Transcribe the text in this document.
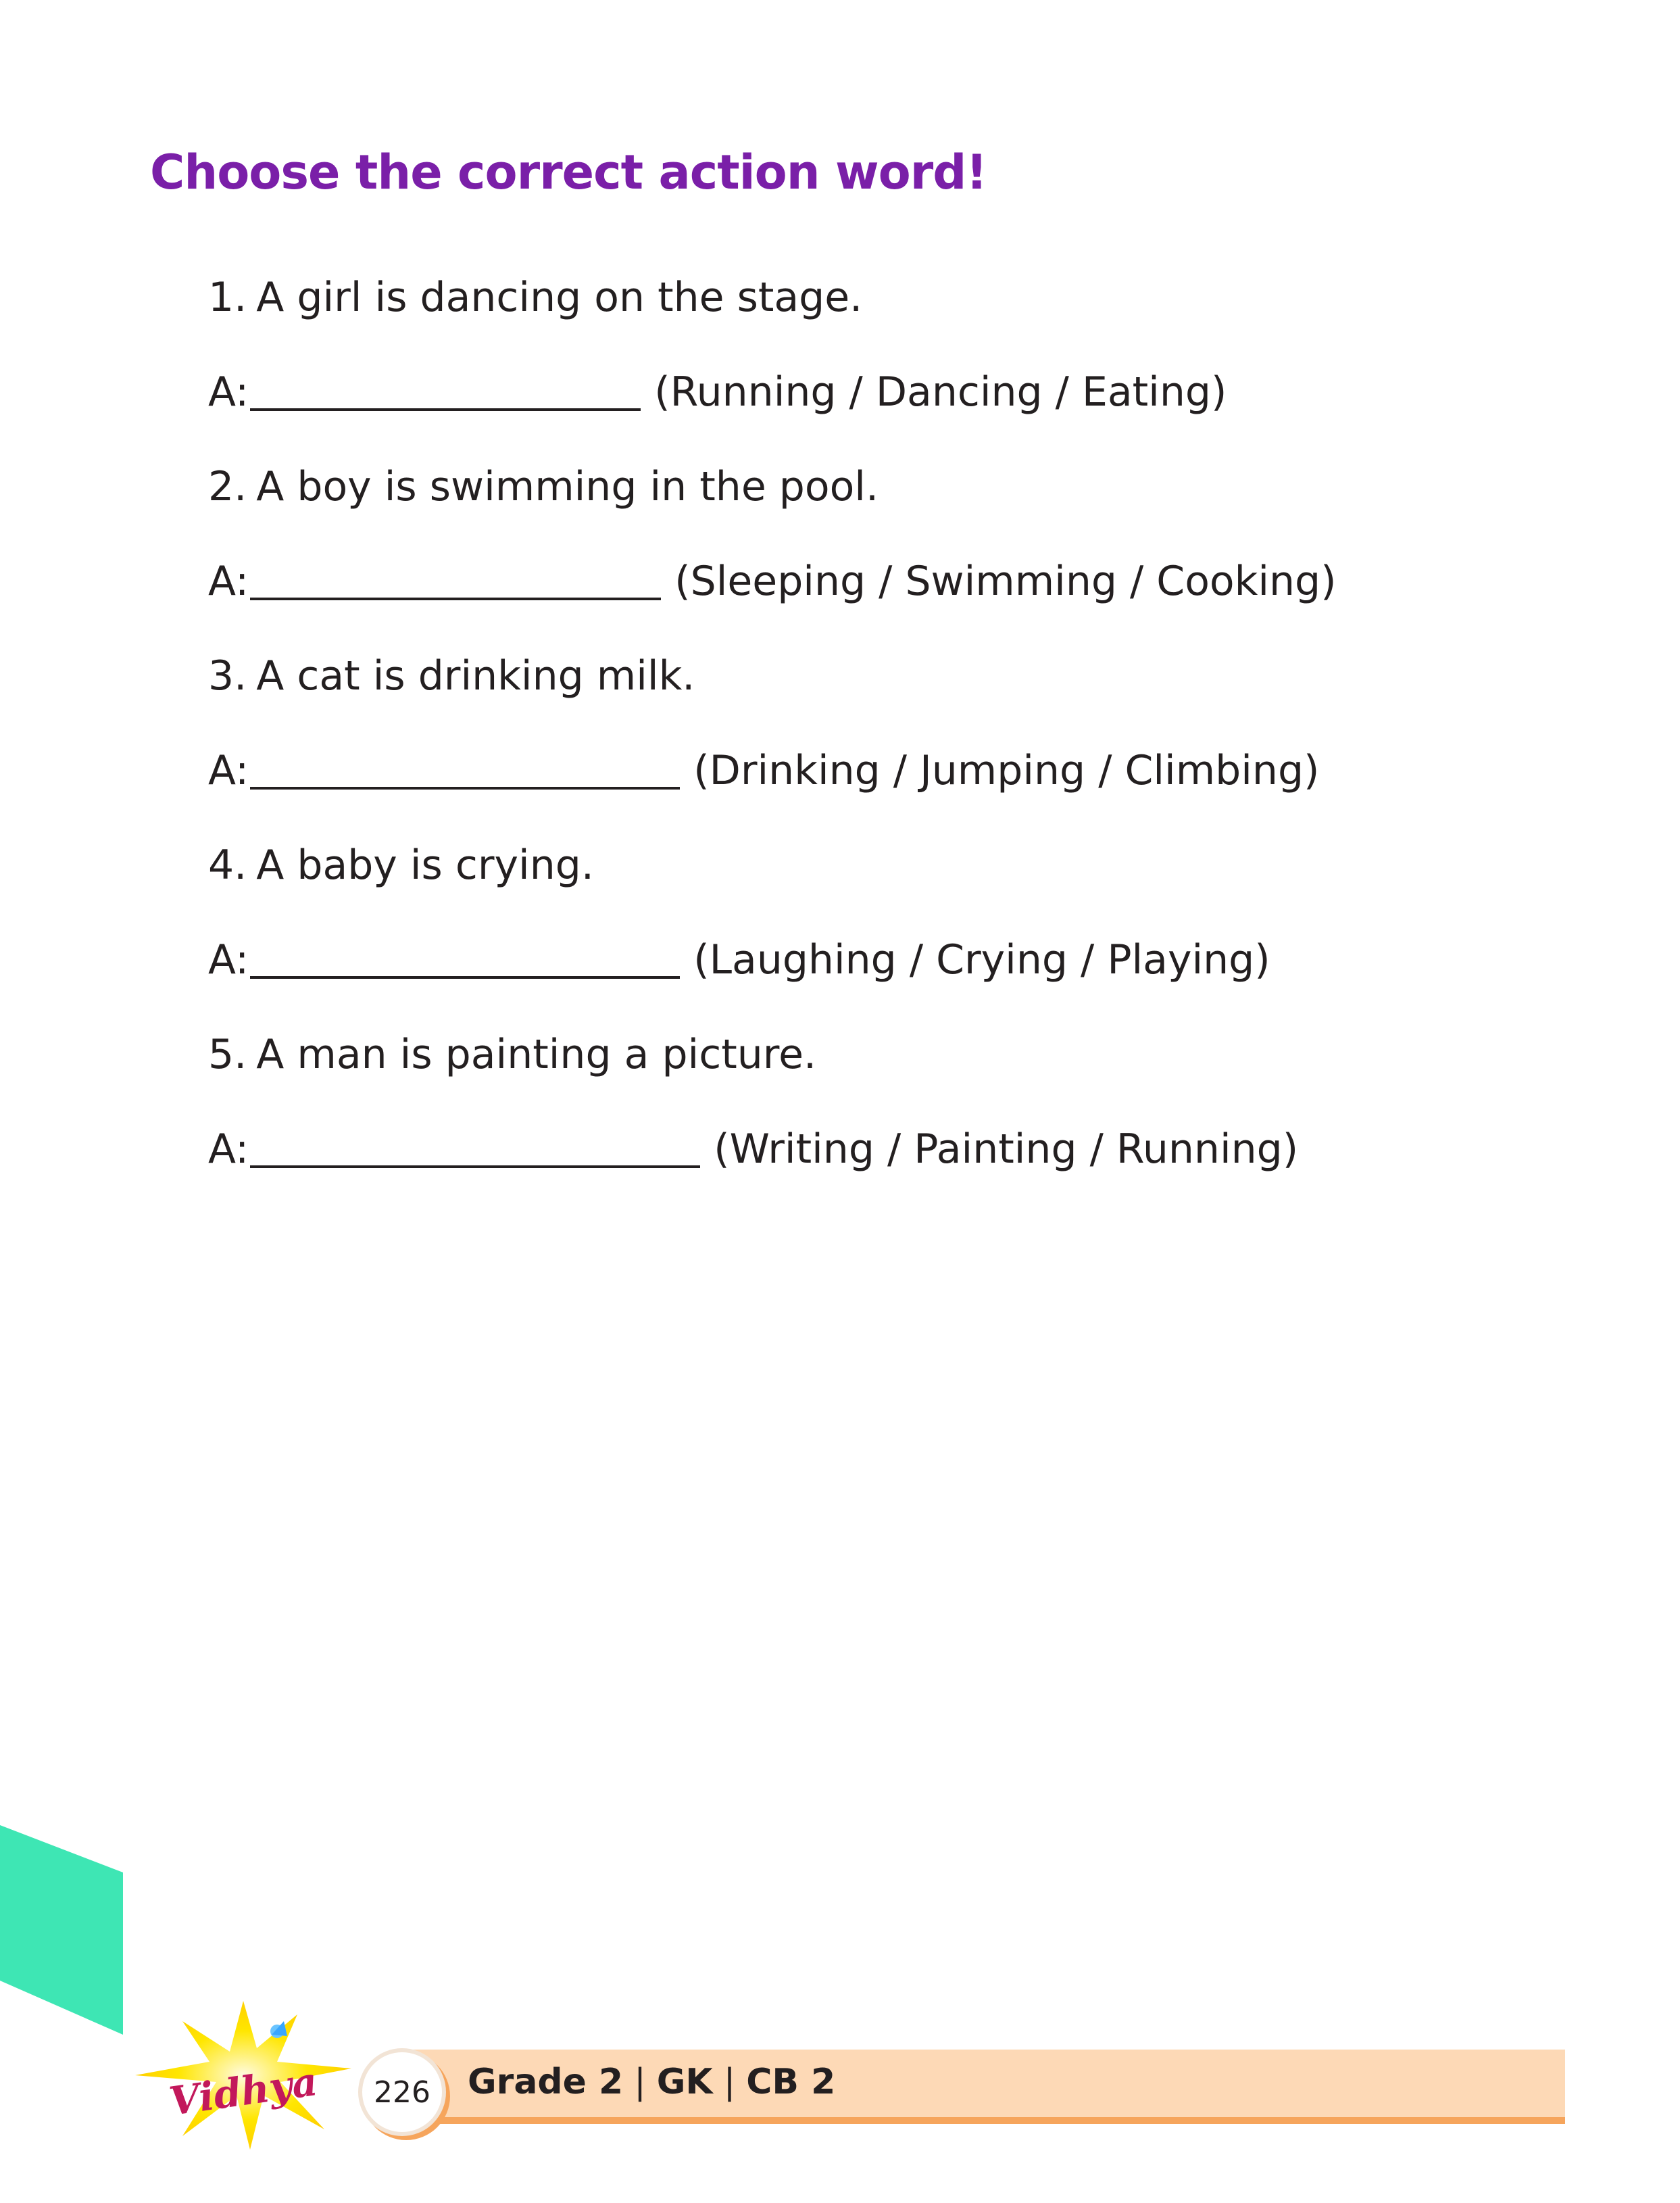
Choose the correct action word!
1. A girl is dancing on the stage.
A:	(Running / Dancing / Eating)
2. A boy is swimming in the pool.
A:	(Sleeping / Swimming / Cooking)
3. A cat is drinking milk.
A:	(Drinking / Jumping / Climbing)
4. A baby is crying.
A:	(Laughing / Crying / Playing)
5. A man is painting a picture.
A:	(Writing / Painting / Running)
Vidhya	226	Grade 2 | GK | CB 2
